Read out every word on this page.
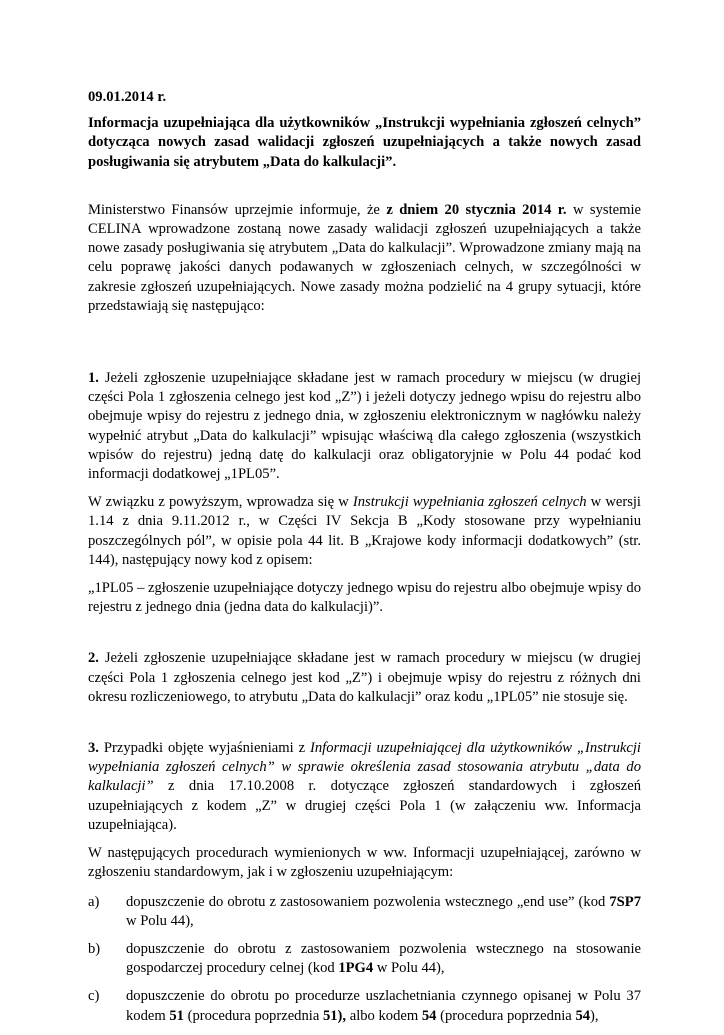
09.01.2014 r.

Informacja uzupełniająca dla użytkowników „Instrukcji wypełniania zgłoszeń celnych” dotycząca nowych zasad walidacji zgłoszeń uzupełniających a także nowych zasad posługiwania się atrybutem „Data do kalkulacji”.

Ministerstwo Finansów uprzejmie informuje, że z dniem 20 stycznia 2014 r. w systemie CELINA wprowadzone zostaną nowe zasady walidacji zgłoszeń uzupełniających a także nowe zasady posługiwania się atrybutem „Data do kalkulacji”. Wprowadzone zmiany mają na celu poprawę jakości danych podawanych w zgłoszeniach celnych, w szczególności w zakresie zgłoszeń uzupełniających. Nowe zasady można podzielić na 4 grupy sytuacji, które przedstawiają się następująco:

1. Jeżeli zgłoszenie uzupełniające składane jest w ramach procedury w miejscu (w drugiej części Pola 1 zgłoszenia celnego jest kod „Z”) i jeżeli dotyczy jednego wpisu do rejestru albo obejmuje wpisy do rejestru z jednego dnia, w zgłoszeniu elektronicznym w nagłówku należy wypełnić atrybut „Data do kalkulacji” wpisując właściwą dla całego zgłoszenia (wszystkich wpisów do rejestru) jedną datę do kalkulacji oraz obligatoryjnie w Polu 44 podać kod informacji dodatkowej „1PL05”.

W związku z powyższym, wprowadza się w Instrukcji wypełniania zgłoszeń celnych w wersji 1.14 z dnia 9.11.2012 r., w Części IV Sekcja B „Kody stosowane przy wypełnianiu poszczególnych pól”, w opisie pola 44 lit. B „Krajowe kody informacji dodatkowych” (str. 144), następujący nowy kod z opisem:

„1PL05 – zgłoszenie uzupełniające dotyczy jednego wpisu do rejestru albo obejmuje wpisy do rejestru z jednego dnia (jedna data do kalkulacji)”.

2. Jeżeli zgłoszenie uzupełniające składane jest w ramach procedury w miejscu (w drugiej części Pola 1 zgłoszenia celnego jest kod „Z”) i obejmuje wpisy do rejestru z różnych dni okresu rozliczeniowego, to atrybutu „Data do kalkulacji” oraz kodu „1PL05” nie stosuje się.

3. Przypadki objęte wyjaśnieniami z Informacji uzupełniającej dla użytkowników „Instrukcji wypełniania zgłoszeń celnych” w sprawie określenia zasad stosowania atrybutu „data do kalkulacji” z dnia 17.10.2008 r. dotyczące zgłoszeń standardowych i zgłoszeń uzupełniających z kodem „Z” w drugiej części Pola 1 (w załączeniu ww. Informacja uzupełniająca).

W następujących procedurach wymienionych w ww. Informacji uzupełniającej, zarówno w zgłoszeniu standardowym, jak i w zgłoszeniu uzupełniającym:

a) dopuszczenie do obrotu z zastosowaniem pozwolenia wstecznego „end use” (kod 7SP7 w Polu 44),
b) dopuszczenie do obrotu z zastosowaniem pozwolenia wstecznego na stosowanie gospodarczej procedury celnej (kod 1PG4 w Polu 44),
c) dopuszczenie do obrotu po procedurze uszlachetniania czynnego opisanej w Polu 37 kodem 51 (procedura poprzednia 51), albo kodem 54 (procedura poprzednia 54),
